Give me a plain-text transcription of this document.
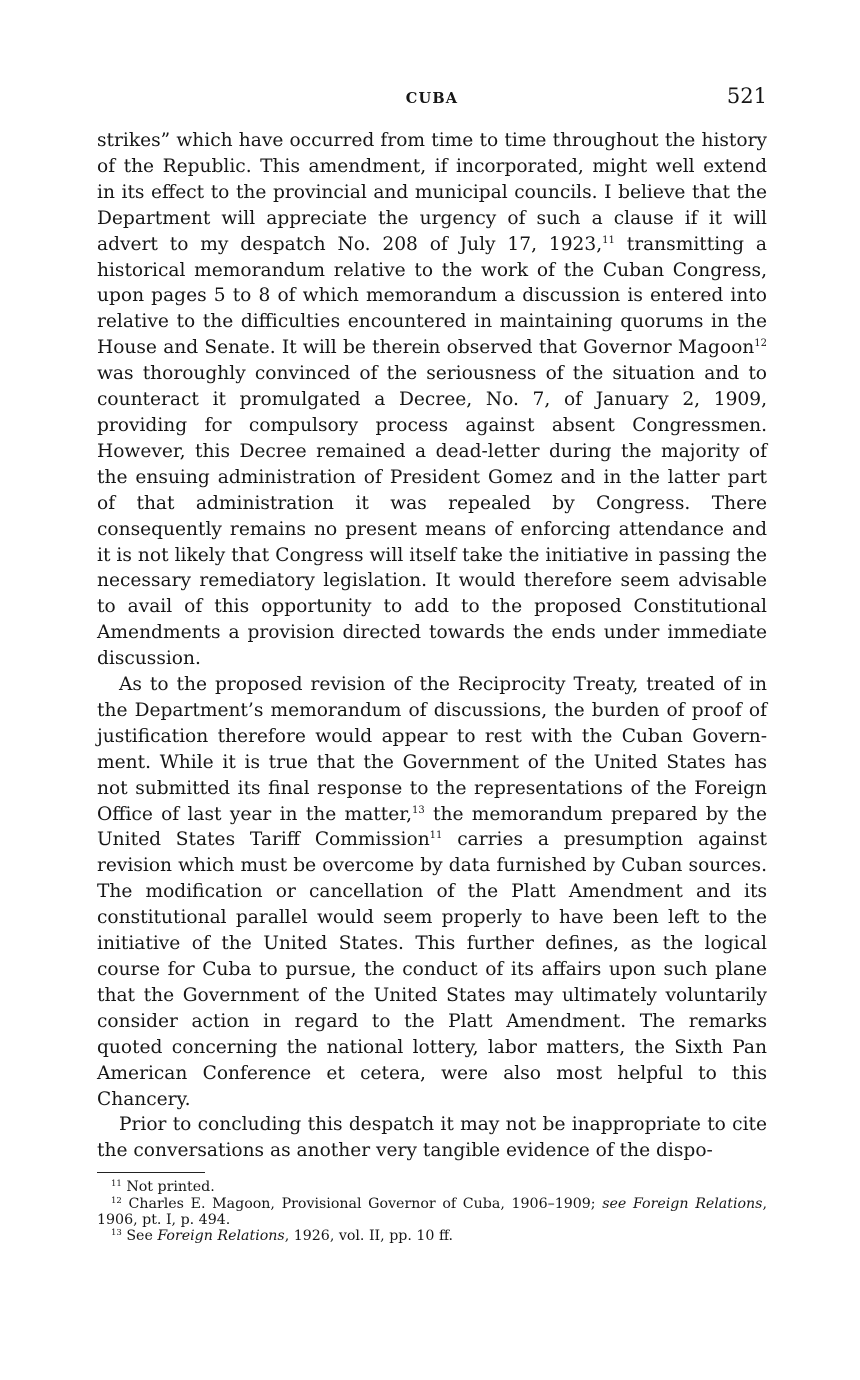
CUBA	521

strikes” which have occurred from time to time throughout the history of the Republic. This amendment, if incorporated, might well extend in its effect to the provincial and municipal councils. I believe that the Department will appreciate the urgency of such a clause if it will advert to my despatch No. 208 of July 17, 1923,11 transmitting a historical memorandum relative to the work of the Cuban Congress, upon pages 5 to 8 of which memorandum a discussion is entered into relative to the difficulties encountered in maintaining quorums in the House and Senate. It will be therein observed that Governor Magoon$^{12}$ was thoroughly convinced of the seriousness of the situation and to counteract it promulgated a Decree, No. 7, of January 2, 1909, providing for compulsory process against absent Congressmen. However, this Decree remained a dead-letter during the majority of the ensuing administration of President Gomez and in the latter part of that administration it was repealed by Congress. There consequently remains no present means of enforcing attendance and it is not likely that Congress will itself take the initiative in passing the necessary remediatory legislation. It would therefore seem advisable to avail of this opportunity to add to the proposed Constitutional Amendments a provision directed towards the ends under immediate discussion.

As to the proposed revision of the Reciprocity Treaty, treated of in the Department’s memorandum of discussions, the burden of proof of justification therefore would appear to rest with the Cuban Government. While it is true that the Government of the United States has not submitted its final response to the representations of the Foreign Office of last year in the matter,$^{13}$ the memorandum prepared by the United States Tariff Commission$^{11}$ carries a presumption against revision which must be overcome by data furnished by Cuban sources. The modification or cancellation of the Platt Amendment and its constitutional parallel would seem properly to have been left to the initiative of the United States. This further defines, as the logical course for Cuba to pursue, the conduct of its affairs upon such plane that the Government of the United States may ultimately voluntarily consider action in regard to the Platt Amendment. The remarks quoted concerning the national lottery, labor matters, the Sixth Pan American Conference et cetera, were also most helpful to this Chancery.

Prior to concluding this despatch it may not be inappropriate to cite the conversations as another very tangible evidence of the dispo-

$^{11}$ Not printed.

$^{12}$ Charles E. Magoon, Provisional Governor of Cuba, 1906–1909; see Foreign Relations, 1906, pt. I, p. 494.

$^{13}$ See Foreign Relations, 1926, vol. II, pp. 10 ff.
